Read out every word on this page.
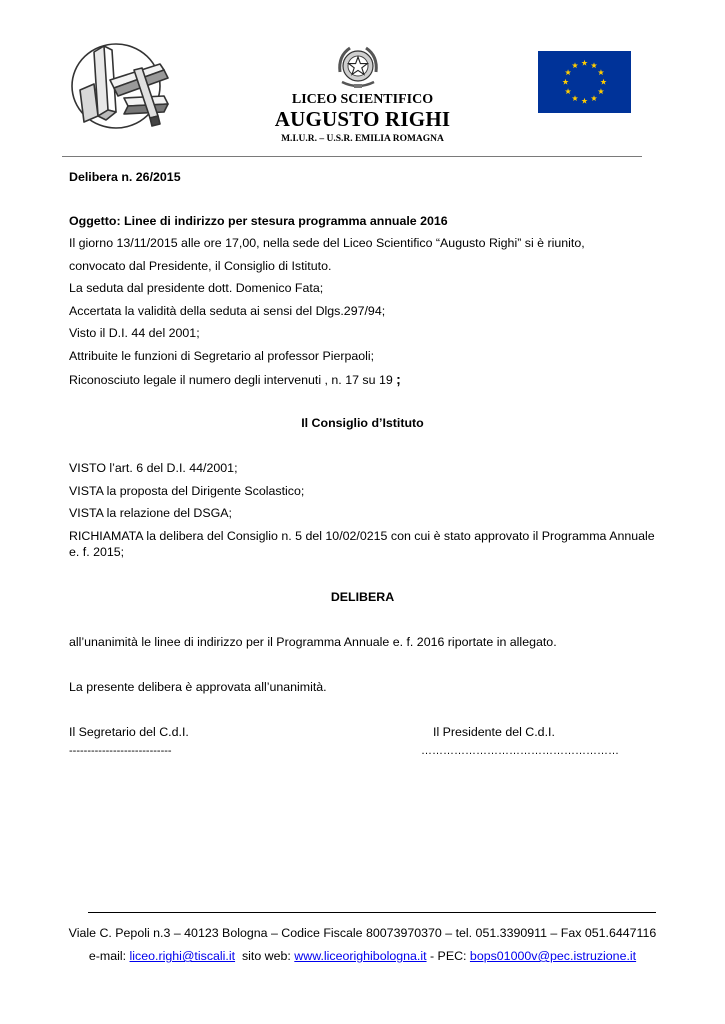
LICEO SCIENTIFICO
AUGUSTO RIGHI
M.I.U.R. – U.S.R. EMILIA ROMAGNA
Delibera n. 26/2015
Oggetto: Linee di indirizzo per stesura programma annuale 2016
Il giorno 13/11/2015 alle ore 17,00, nella sede del Liceo Scientifico “Augusto Righi” si è riunito,
convocato dal Presidente, il Consiglio di Istituto.
La seduta dal presidente dott. Domenico Fata;
Accertata la validità della seduta ai sensi del Dlgs.297/94;
Visto il D.I. 44 del 2001;
Attribuite le funzioni di Segretario al professor Pierpaoli;
Riconosciuto legale il numero degli intervenuti , n. 17 su 19 ;
Il Consiglio d’Istituto
VISTO l’art. 6 del D.I. 44/2001;
VISTA la proposta del Dirigente Scolastico;
VISTA la relazione del DSGA;
RICHIAMATA la delibera del Consiglio n. 5 del 10/02/0215 con cui è stato approvato il Programma Annuale e. f. 2015;
DELIBERA
all’unanimità le linee di indirizzo per il Programma Annuale e. f. 2016 riportate in allegato.
La presente delibera è approvata all’unanimità.
Il Segretario del C.d.I.
----------------------------
Il Presidente del C.d.I.
………………………………………………
Viale C. Pepoli n.3 – 40123 Bologna – Codice Fiscale 80073970370 – tel. 051.3390911 – Fax 051.6447116
e-mail: liceo.righi@tiscali.it  sito web: www.liceorighibologna.it - PEC: bops01000v@pec.istruzione.it
